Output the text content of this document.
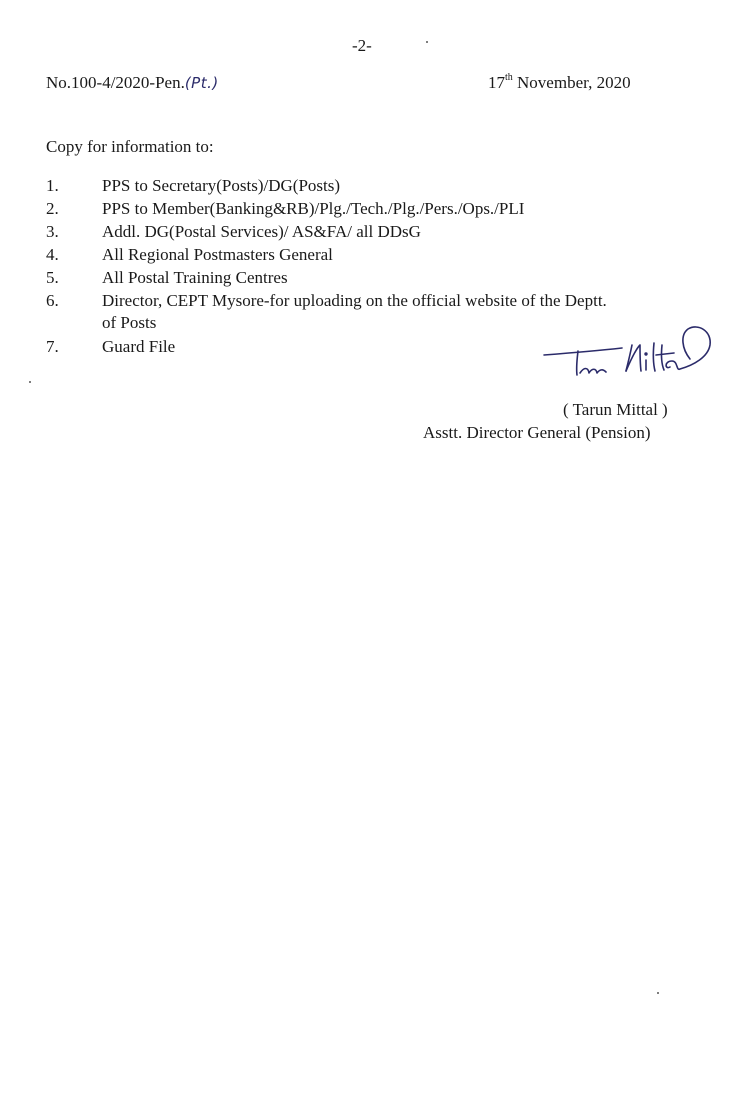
-2-
No.100-4/2020-Pen.(Pt.)	17th November, 2020
Copy for information to:
1.	PPS to Secretary(Posts)/DG(Posts)
2.	PPS to Member(Banking&RB)/Plg./Tech./Plg./Pers./Ops./PLI
3.	Addl. DG(Postal Services)/ AS&FA/ all DDsG
4.	All Regional Postmasters General
5.	All Postal Training Centres
6.	Director, CEPT Mysore-for uploading on the official website of the Deptt.
of Posts
7.	Guard File
( Tarun Mittal )
Asstt. Director General (Pension)
